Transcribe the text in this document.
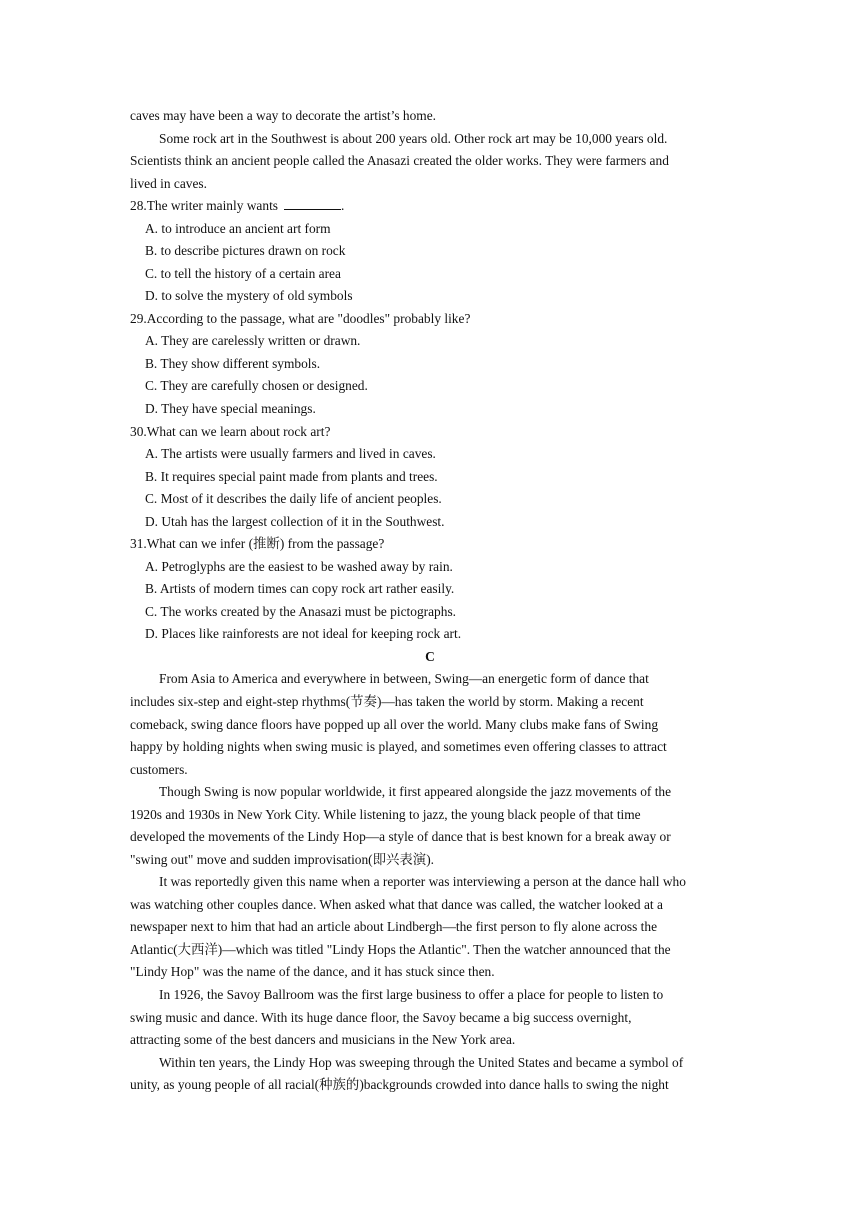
caves may have been a way to decorate the artist’s home.
Some rock art in the Southwest is about 200 years old. Other rock art may be 10,000 years old.
Scientists think an ancient people called the Anasazi created the older works. They were farmers and
lived in caves.
28.The writer mainly wants	.
A. to introduce an ancient art form
B. to describe pictures drawn on rock
C. to tell the history of a certain area
D. to solve the mystery of old symbols
29.According to the passage, what are "doodles" probably like?
A. They are carelessly written or drawn.
B. They show different symbols.
C. They are carefully chosen or designed.
D. They have special meanings.
30.What can we learn about rock art?
A. The artists were usually farmers and lived in caves.
B. It requires special paint made from plants and trees.
C. Most of it describes the daily life of ancient peoples.
D. Utah has the largest collection of it in the Southwest.
31.What can we infer (推断) from the passage?
A. Petroglyphs are the easiest to be washed away by rain.
B. Artists of modern times can copy rock art rather easily.
C. The works created by the Anasazi must be pictographs.
D. Places like rainforests are not ideal for keeping rock art.
C
From Asia to America and everywhere in between, Swing—an energetic form of dance that
includes six-step and eight-step rhythms(节奏)—has taken the world by storm. Making a recent
comeback, swing dance floors have popped up all over the world. Many clubs make fans of Swing
happy by holding nights when swing music is played, and sometimes even offering classes to attract
customers.
Though Swing is now popular worldwide, it first appeared alongside the jazz movements of the
1920s and 1930s in New York City. While listening to jazz, the young black people of that time
developed the movements of the Lindy Hop—a style of dance that is best known for a break away or
"swing out" move and sudden improvisation(即兴表演).
It was reportedly given this name when a reporter was interviewing a person at the dance hall who
was watching other couples dance. When asked what that dance was called, the watcher looked at a
newspaper next to him that had an article about Lindbergh—the first person to fly alone across the
Atlantic(大西洋)—which was titled "Lindy Hops the Atlantic". Then the watcher announced that the
"Lindy Hop" was the name of the dance, and it has stuck since then.
In 1926, the Savoy Ballroom was the first large business to offer a place for people to listen to
swing music and dance. With its huge dance floor, the Savoy became a big success overnight,
attracting some of the best dancers and musicians in the New York area.
Within ten years, the Lindy Hop was sweeping through the United States and became a symbol of
unity, as young people of all racial(种族的)backgrounds crowded into dance halls to swing the night
